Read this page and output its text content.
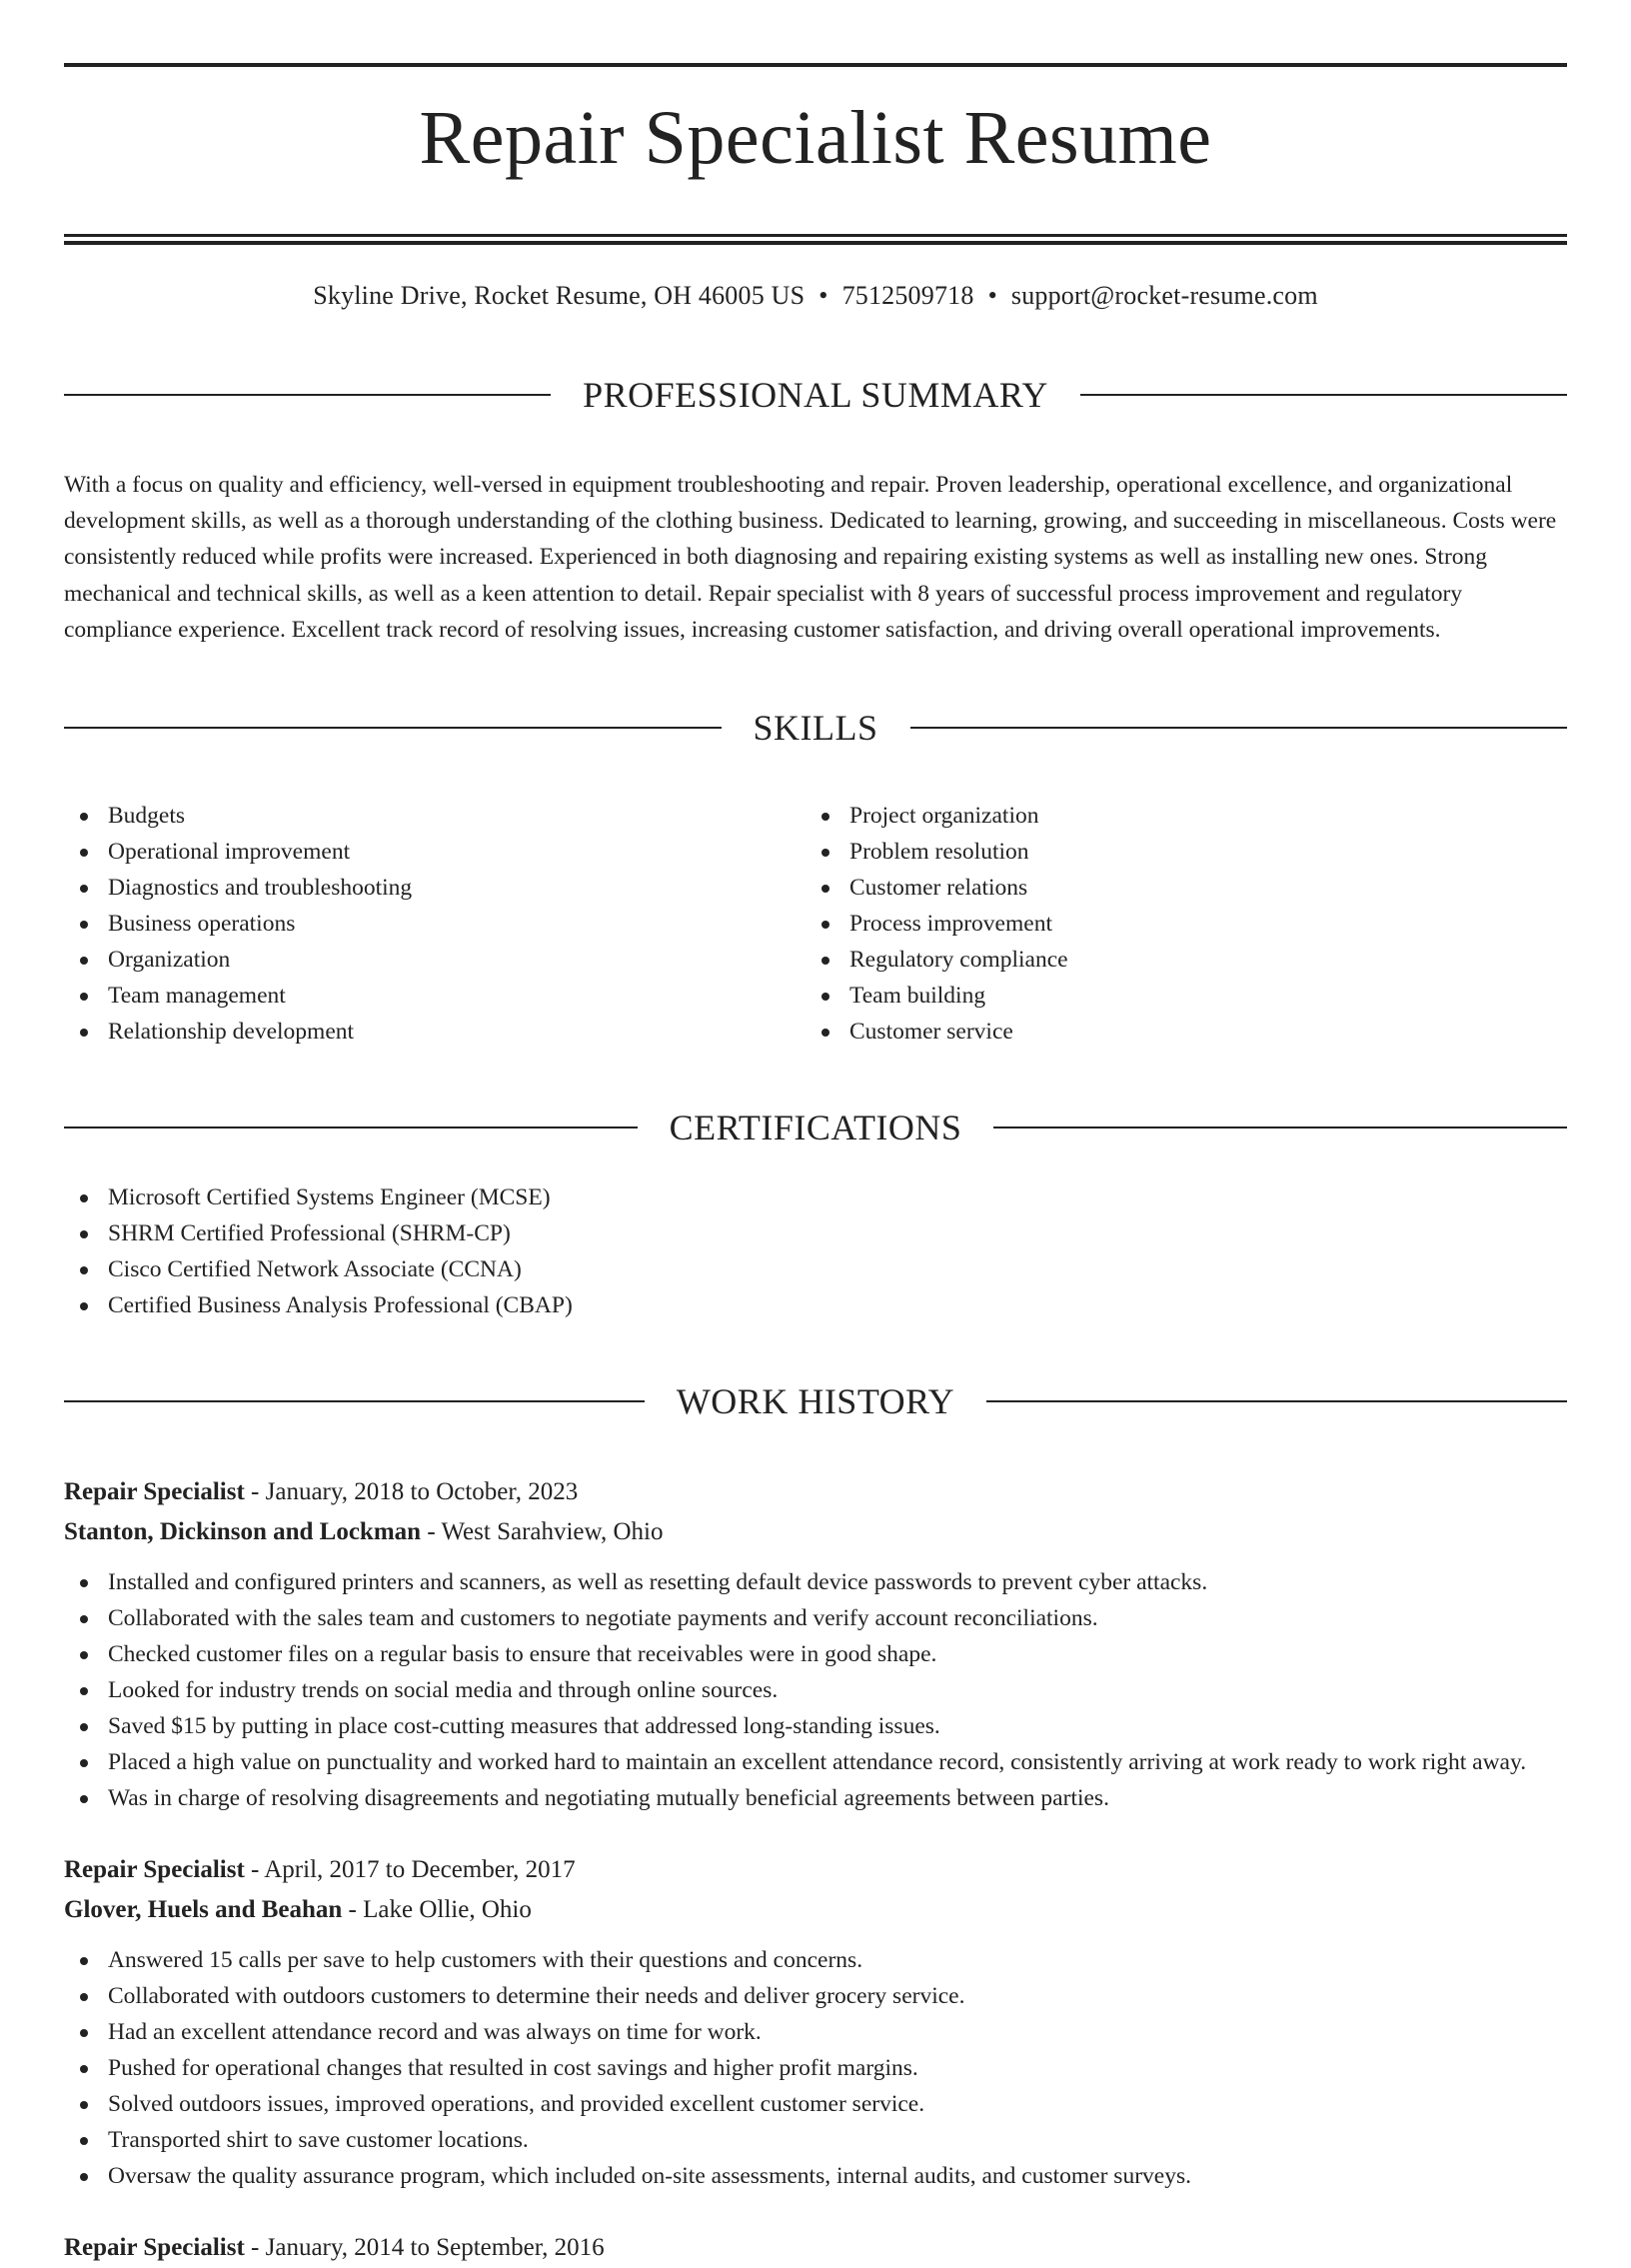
Repair Specialist Resume
Skyline Drive, Rocket Resume, OH 46005 US • 7512509718 • support@rocket-resume.com
PROFESSIONAL SUMMARY

With a focus on quality and efficiency, well-versed in equipment troubleshooting and repair. Proven leadership, operational excellence, and organizational development skills, as well as a thorough understanding of the clothing business. Dedicated to learning, growing, and succeeding in miscellaneous. Costs were consistently reduced while profits were increased. Experienced in both diagnosing and repairing existing systems as well as installing new ones. Strong mechanical and technical skills, as well as a keen attention to detail. Repair specialist with 8 years of successful process improvement and regulatory compliance experience. Excellent track record of resolving issues, increasing customer satisfaction, and driving overall operational improvements.

SKILLS
Budgets
Operational improvement
Diagnostics and troubleshooting
Business operations
Organization
Team management
Relationship development
Project organization
Problem resolution
Customer relations
Process improvement
Regulatory compliance
Team building
Customer service
CERTIFICATIONS
Microsoft Certified Systems Engineer (MCSE)
SHRM Certified Professional (SHRM-CP)
Cisco Certified Network Associate (CCNA)
Certified Business Analysis Professional (CBAP)
WORK HISTORY
Repair Specialist - January, 2018 to October, 2023
Stanton, Dickinson and Lockman - West Sarahview, Ohio
Installed and configured printers and scanners, as well as resetting default device passwords to prevent cyber attacks.
Collaborated with the sales team and customers to negotiate payments and verify account reconciliations.
Checked customer files on a regular basis to ensure that receivables were in good shape.
Looked for industry trends on social media and through online sources.
Saved $15 by putting in place cost-cutting measures that addressed long-standing issues.
Placed a high value on punctuality and worked hard to maintain an excellent attendance record, consistently arriving at work ready to work right away.
Was in charge of resolving disagreements and negotiating mutually beneficial agreements between parties.
Repair Specialist - April, 2017 to December, 2017
Glover, Huels and Beahan - Lake Ollie, Ohio
Answered 15 calls per save to help customers with their questions and concerns.
Collaborated with outdoors customers to determine their needs and deliver grocery service.
Had an excellent attendance record and was always on time for work.
Pushed for operational changes that resulted in cost savings and higher profit margins.
Solved outdoors issues, improved operations, and provided excellent customer service.
Transported shirt to save customer locations.
Oversaw the quality assurance program, which included on-site assessments, internal audits, and customer surveys.
Repair Specialist - January, 2014 to September, 2016
